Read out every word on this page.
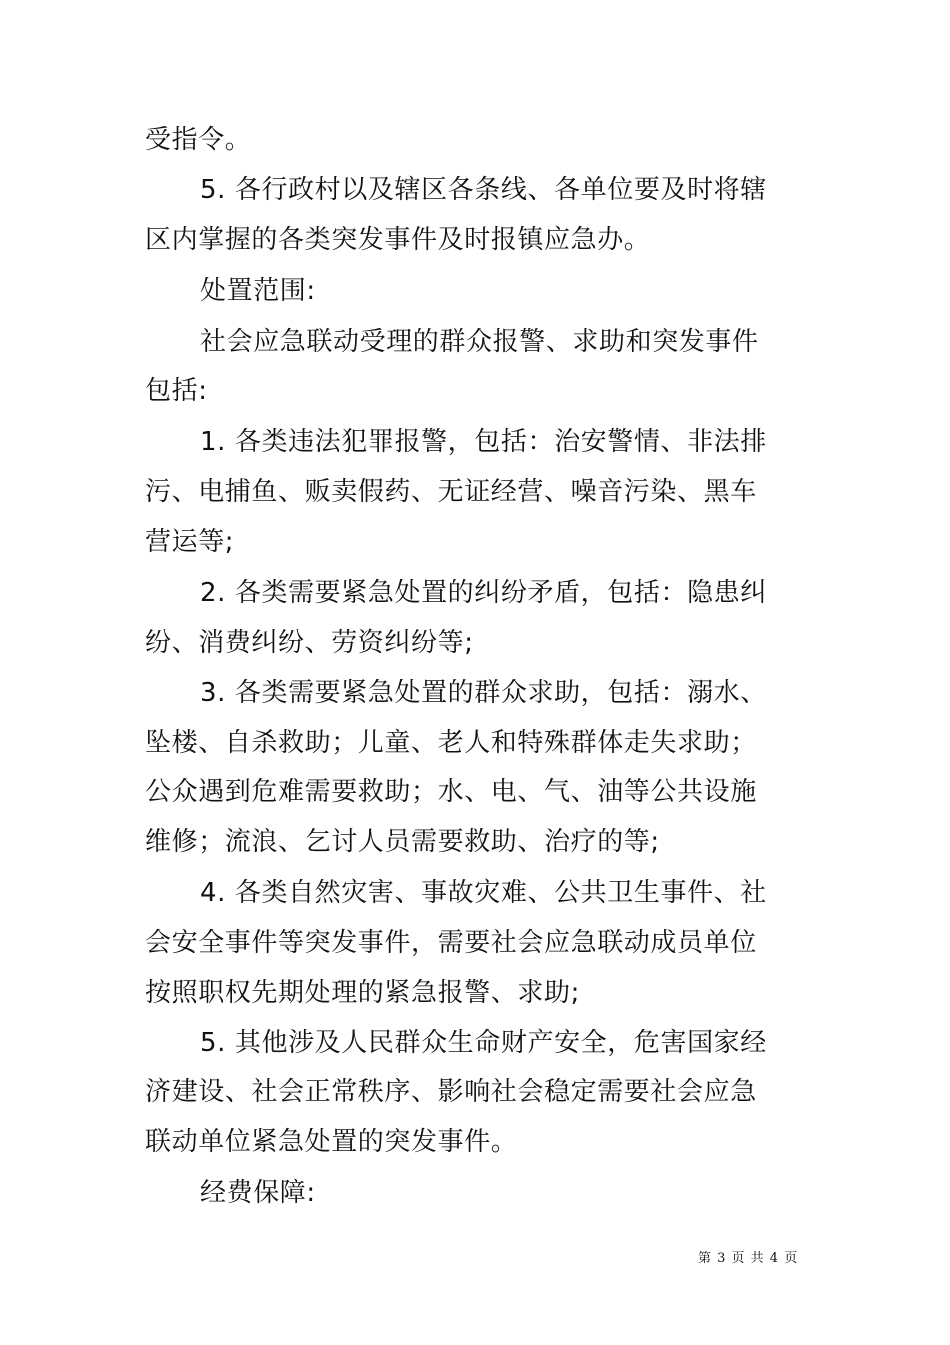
受指令。
5. 各行政村以及辖区各条线、各单位要及时将辖
区内掌握的各类突发事件及时报镇应急办。
处置范围:
社会应急联动受理的群众报警、求助和突发事件
包括:
1. 各类违法犯罪报警，包括：治安警情、非法排
污、电捕鱼、贩卖假药、无证经营、噪音污染、黑车
营运等;
2. 各类需要紧急处置的纠纷矛盾，包括：隐患纠
纷、消费纠纷、劳资纠纷等;
3. 各类需要紧急处置的群众求助，包括：溺水、
坠楼、自杀救助；儿童、老人和特殊群体走失求助；
公众遇到危难需要救助；水、电、气、油等公共设施
维修；流浪、乞讨人员需要救助、治疗的等;
4. 各类自然灾害、事故灾难、公共卫生事件、社
会安全事件等突发事件，需要社会应急联动成员单位
按照职权先期处理的紧急报警、求助;
5. 其他涉及人民群众生命财产安全，危害国家经
济建设、社会正常秩序、影响社会稳定需要社会应急
联动单位紧急处置的突发事件。
经费保障:
第 3 页 共 4 页
